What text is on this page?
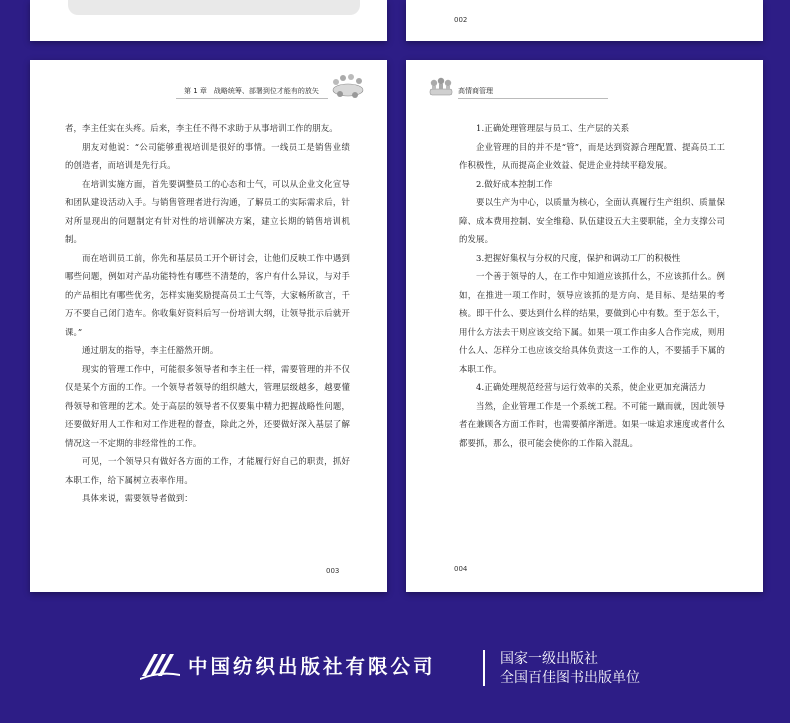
002
第 1 章　战略统筹、部署到位才能有的放矢

者，李主任实在头疼。后来，李主任不得不求助于从事培训工作的朋友。

朋友对他说：“公司能够重视培训是很好的事情。一线员工是销售业绩的创造者，而培训是先行兵。

在培训实施方面，首先要调整员工的心态和士气，可以从企业文化宣导和团队建设活动入手。与销售管理者进行沟通，了解员工的实际需求后，针对所显现出的问题制定有针对性的培训解决方案，建立长期的销售培训机制。

而在培训员工前，你先和基层员工开个研讨会，让他们反映工作中遇到哪些问题，例如对产品功能特性有哪些不清楚的，客户有什么异议，与对手的产品相比有哪些优劣，怎样实施奖励提高员工士气等，大家畅所欲言，千万不要自己闭门造车。你收集好资料后写一份培训大纲，让领导批示后就开课。”

通过朋友的指导，李主任豁然开朗。

现实的管理工作中，可能很多领导者和李主任一样，需要管理的并不仅仅是某个方面的工作。一个领导者领导的组织越大，管理层级越多，越要懂得领导和管理的艺术。处于高层的领导者不仅要集中精力把握战略性问题，还要做好用人工作和对工作进程的督查，除此之外，还要做好深入基层了解情况这一不定期的非经常性的工作。

可见，一个领导只有做好各方面的工作，才能履行好自己的职责，抓好本职工作，给下属树立表率作用。

具体来说，需要领导者做到：

003
高情商管理

1.正确处理管理层与员工、生产层的关系

企业管理的目的并不是“管”，而是达到资源合理配置、提高员工工作积极性，从而提高企业效益、促进企业持续平稳发展。

2.做好成本控制工作

要以生产为中心，以质量为核心，全面认真履行生产组织、质量保障、成本费用控制、安全维稳、队伍建设五大主要职能，全力支撑公司的发展。

3.把握好集权与分权的尺度，保护和调动工厂的积极性

一个善于领导的人，在工作中知道应该抓什么，不应该抓什么。例如，在推进一项工作时，领导应该抓的是方向、是目标、是结果的考核。即干什么、要达到什么样的结果，要做到心中有数。至于怎么干，用什么方法去干则应该交给下属。如果一项工作由多人合作完成，则用什么人、怎样分工也应该交给具体负责这一工作的人，不要插手下属的本职工作。

4.正确处理规范经营与运行效率的关系，使企业更加充满活力

当然，企业管理工作是一个系统工程。不可能一蹴而就，因此领导者在兼顾各方面工作时，也需要循序渐进。如果一味追求速度或者什么都要抓，那么，很可能会使你的工作陷入混乱。

004
中国纺织出版社有限公司	国家一级出版社
全国百佳图书出版单位
